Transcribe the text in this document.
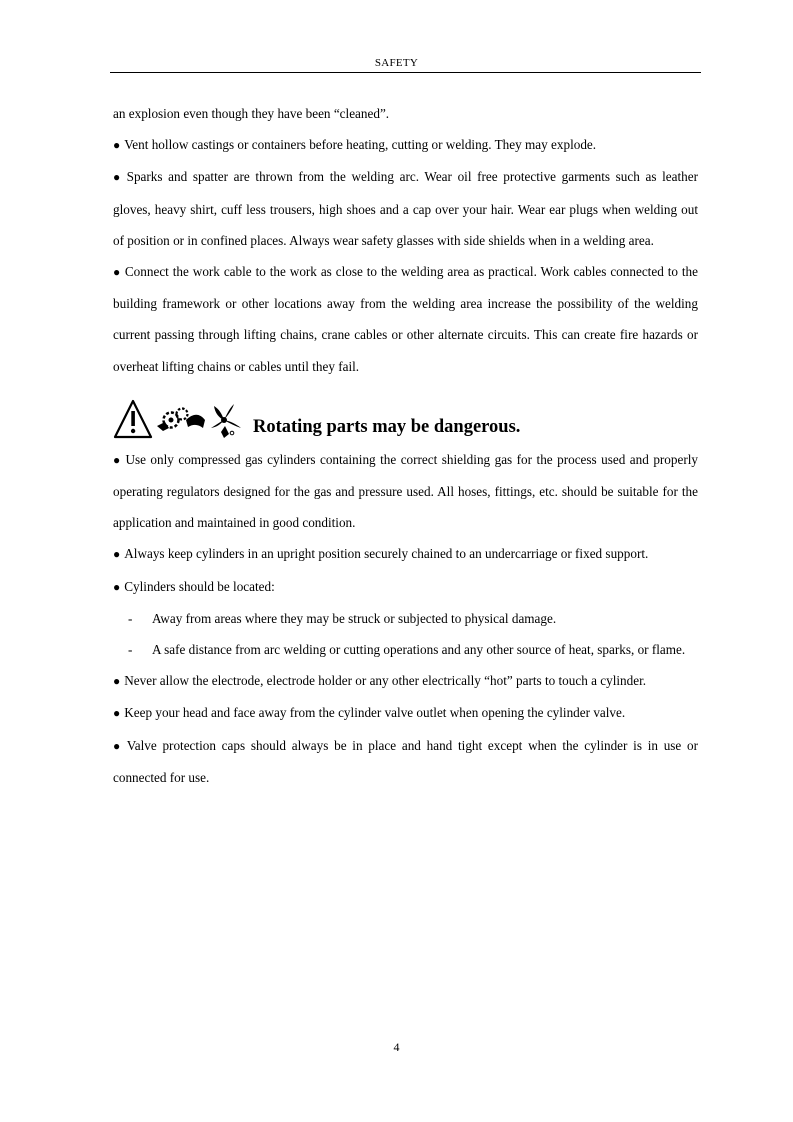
SAFETY

an explosion even though they have been “cleaned”.

● Vent hollow castings or containers before heating, cutting or welding. They may explode.

● Sparks and spatter are thrown from the welding arc. Wear oil free protective garments such as leather gloves, heavy shirt, cuff less trousers, high shoes and a cap over your hair. Wear ear plugs when welding out of position or in confined places. Always wear safety glasses with side shields when in a welding area.

● Connect the work cable to the work as close to the welding area as practical. Work cables connected to the building framework or other locations away from the welding area increase the possibility of the welding current passing through lifting chains, crane cables or other alternate circuits. This can create fire hazards or overheat lifting chains or cables until they fail.

Rotating parts may be dangerous.

● Use only compressed gas cylinders containing the correct shielding gas for the process used and properly operating regulators designed for the gas and pressure used. All hoses, fittings, etc. should be suitable for the application and maintained in good condition.

● Always keep cylinders in an upright position securely chained to an undercarriage or fixed support.

● Cylinders should be located:

- Away from areas where they may be struck or subjected to physical damage.

- A safe distance from arc welding or cutting operations and any other source of heat, sparks, or flame.

● Never allow the electrode, electrode holder or any other electrically “hot” parts to touch a cylinder.

● Keep your head and face away from the cylinder valve outlet when opening the cylinder valve.

● Valve protection caps should always be in place and hand tight except when the cylinder is in use or connected for use.

4
